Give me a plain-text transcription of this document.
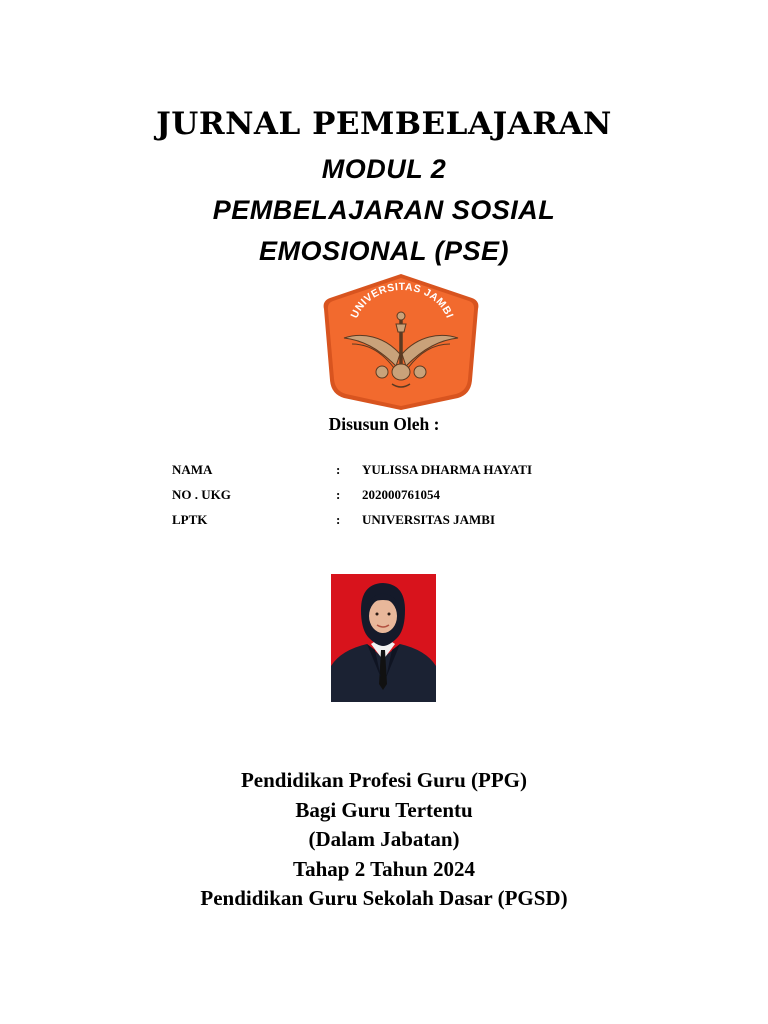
JURNAL PEMBELAJARAN
MODUL 2
PEMBELAJARAN SOSIAL
EMOSIONAL (PSE)
UNIVERSITAS JAMBI
Disusun Oleh :
NAMA	: YULISSA DHARMA HAYATI
NO . UKG	: 202000761054
LPTK	: UNIVERSITAS JAMBI
Pendidikan Profesi Guru (PPG)
Bagi Guru Tertentu
(Dalam Jabatan)
Tahap 2 Tahun 2024
Pendidikan Guru Sekolah Dasar (PGSD)
